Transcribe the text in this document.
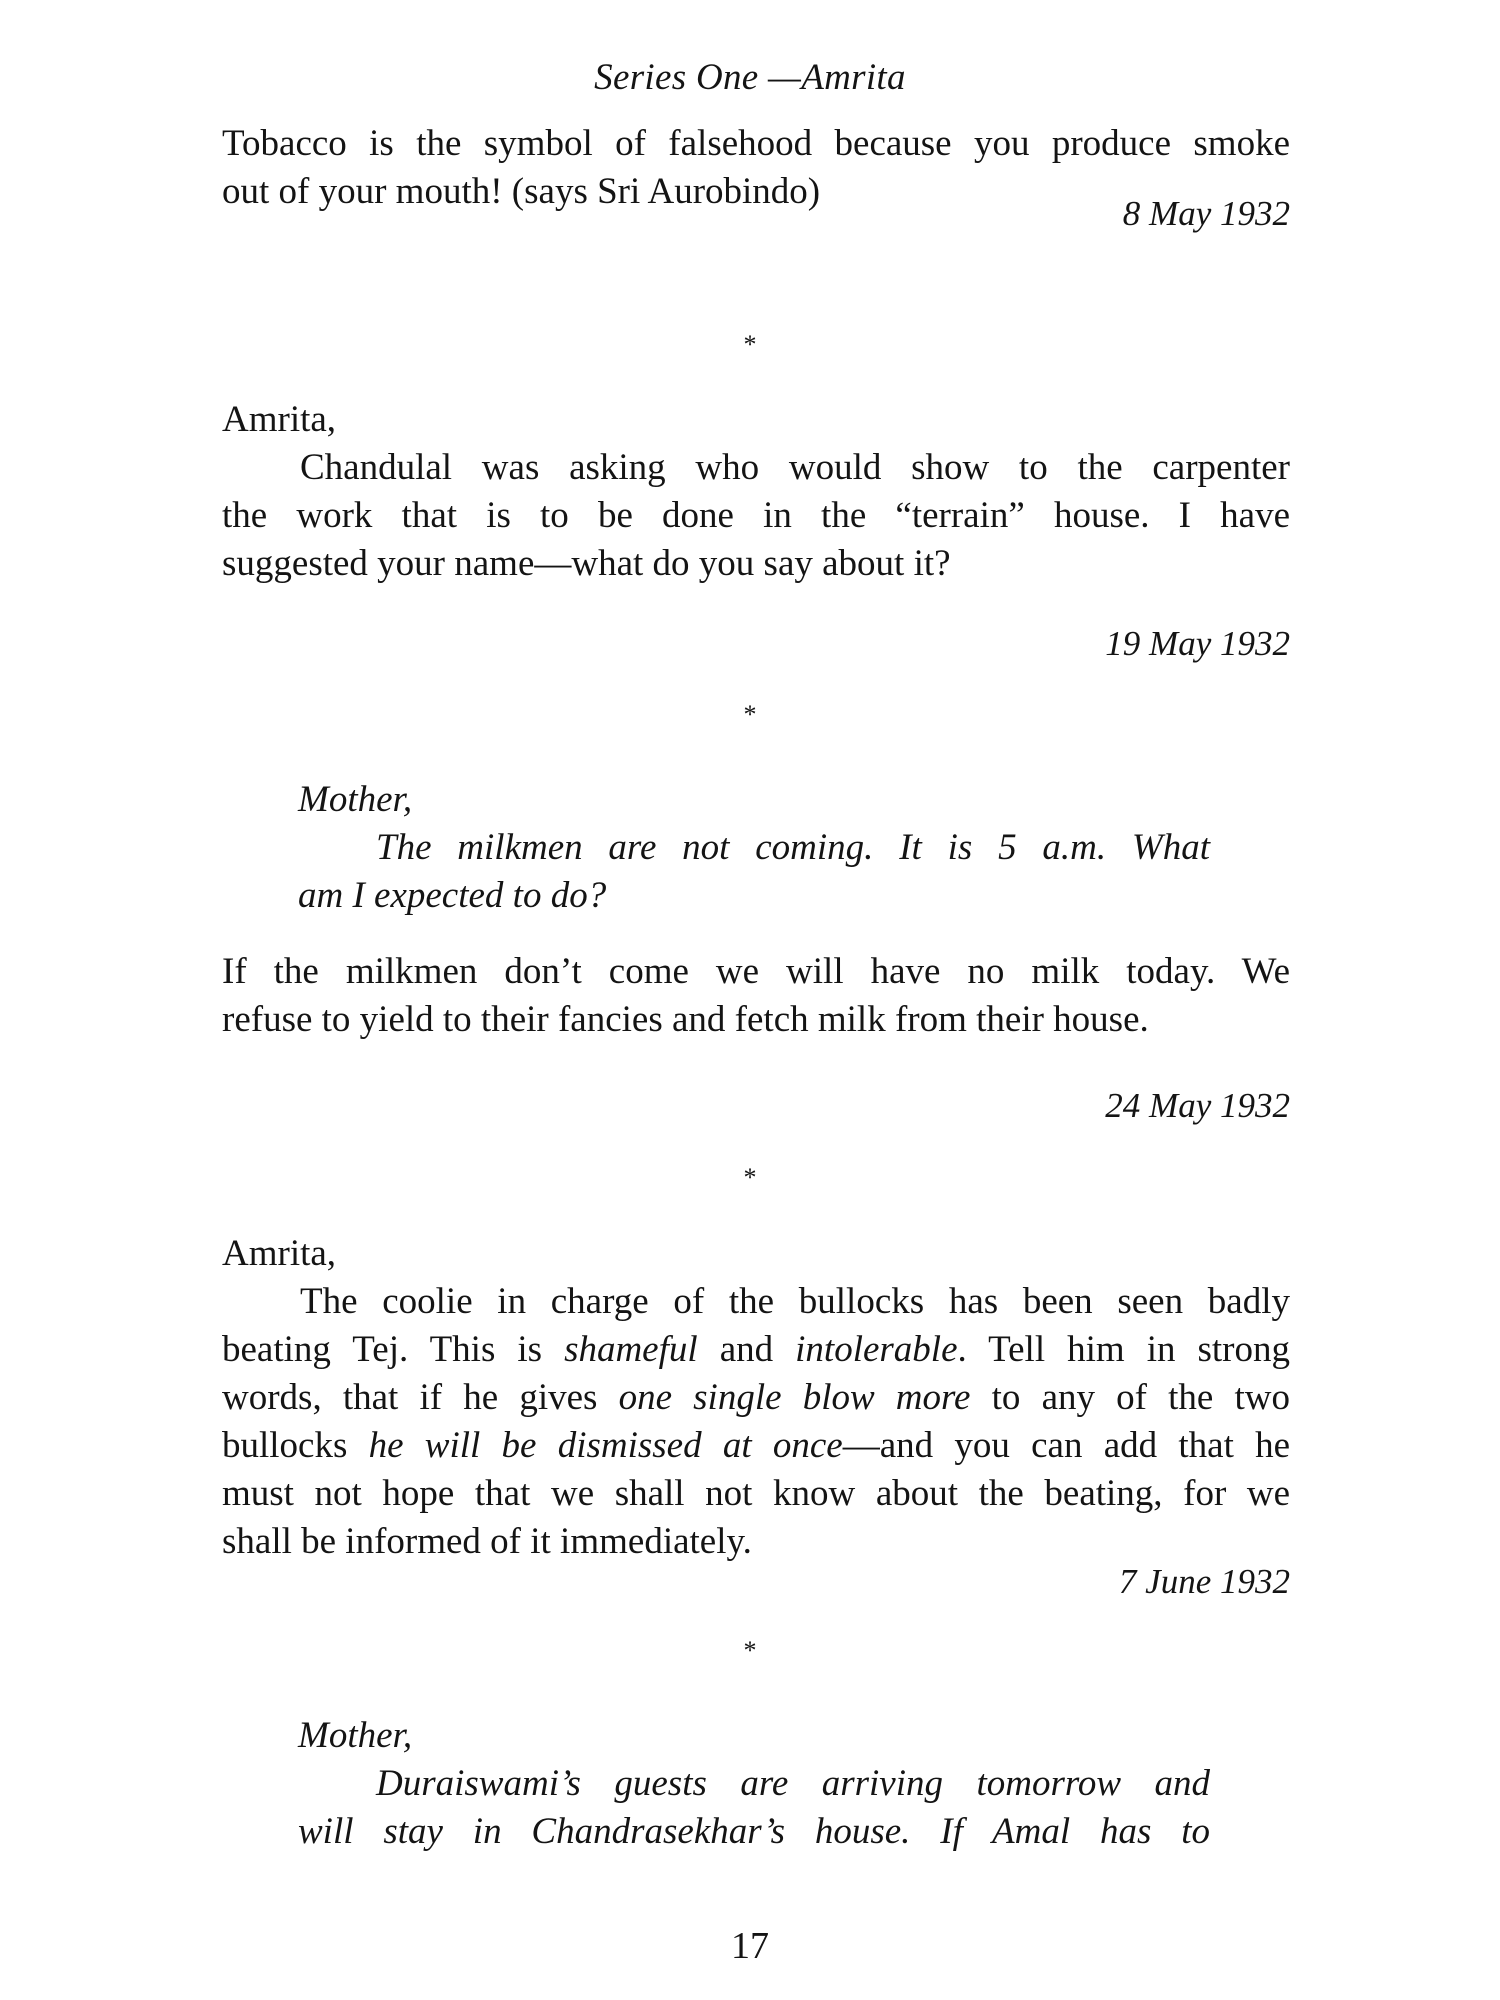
Series One —Amrita
Tobacco is the symbol of falsehood because you produce smoke
out of your mouth! (says Sri Aurobindo)
8 May 1932
*
Amrita,
Chandulal was asking who would show to the carpenter
the work that is to be done in the “terrain” house. I have
suggested your name—what do you say about it?
19 May 1932
*
Mother,
The milkmen are not coming. It is 5 a.m. What
am I expected to do?
If the milkmen don’t come we will have no milk today. We
refuse to yield to their fancies and fetch milk from their house.
24 May 1932
*
Amrita,
The coolie in charge of the bullocks has been seen badly
beating Tej. This is shameful and intolerable. Tell him in strong
words, that if he gives one single blow more to any of the two
bullocks he will be dismissed at once—and you can add that he
must not hope that we shall not know about the beating, for we
shall be informed of it immediately.
7 June 1932
*
Mother,
Duraiswami’s guests are arriving tomorrow and
will stay in Chandrasekhar’s house. If Amal has to
17
